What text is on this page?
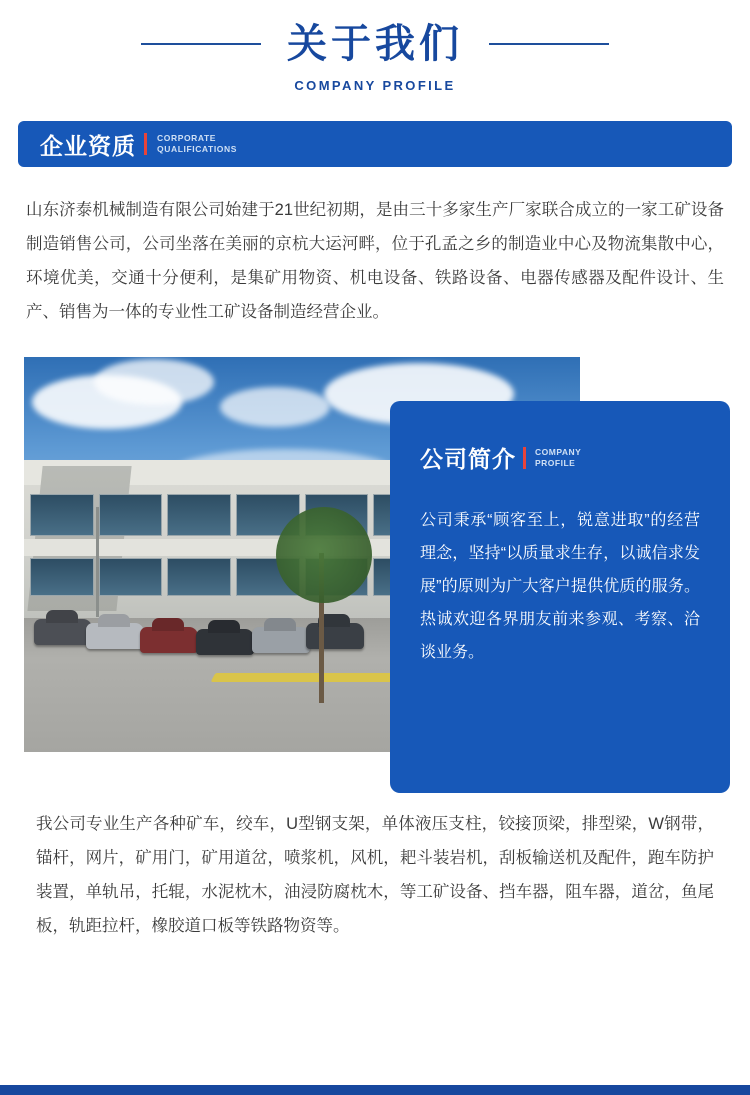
关于我们
COMPANY PROFILE
企业资质 CORPORATE
QUALIFICATIONS

山东济泰机械制造有限公司始建于21世纪初期，是由三十多家生产厂家联合成立的一家工矿设备制造销售公司，公司坐落在美丽的京杭大运河畔，位于孔孟之乡的制造业中心及物流集散中心，环境优美，交通十分便利，是集矿用物资、机电设备、铁路设备、电器传感器及配件设计、生产、销售为一体的专业性工矿设备制造经营企业。

公司简介 COMPANY
PROFILE

公司秉承“顾客至上，锐意进取”的经营理念，坚持“以质量求生存，以诚信求发展”的原则为广大客户提供优质的服务。热诚欢迎各界朋友前来参观、考察、洽谈业务。

我公司专业生产各种矿车，绞车，U型钢支架，单体液压支柱，铰接顶梁，排型梁，W钢带，锚杆，网片，矿用门，矿用道岔，喷浆机，风机，耙斗装岩机，刮板输送机及配件，跑车防护装置，单轨吊，托辊，水泥枕木，油浸防腐枕木，等工矿设备、挡车器，阻车器，道岔，鱼尾板，轨距拉杆，橡胶道口板等铁路物资等。
